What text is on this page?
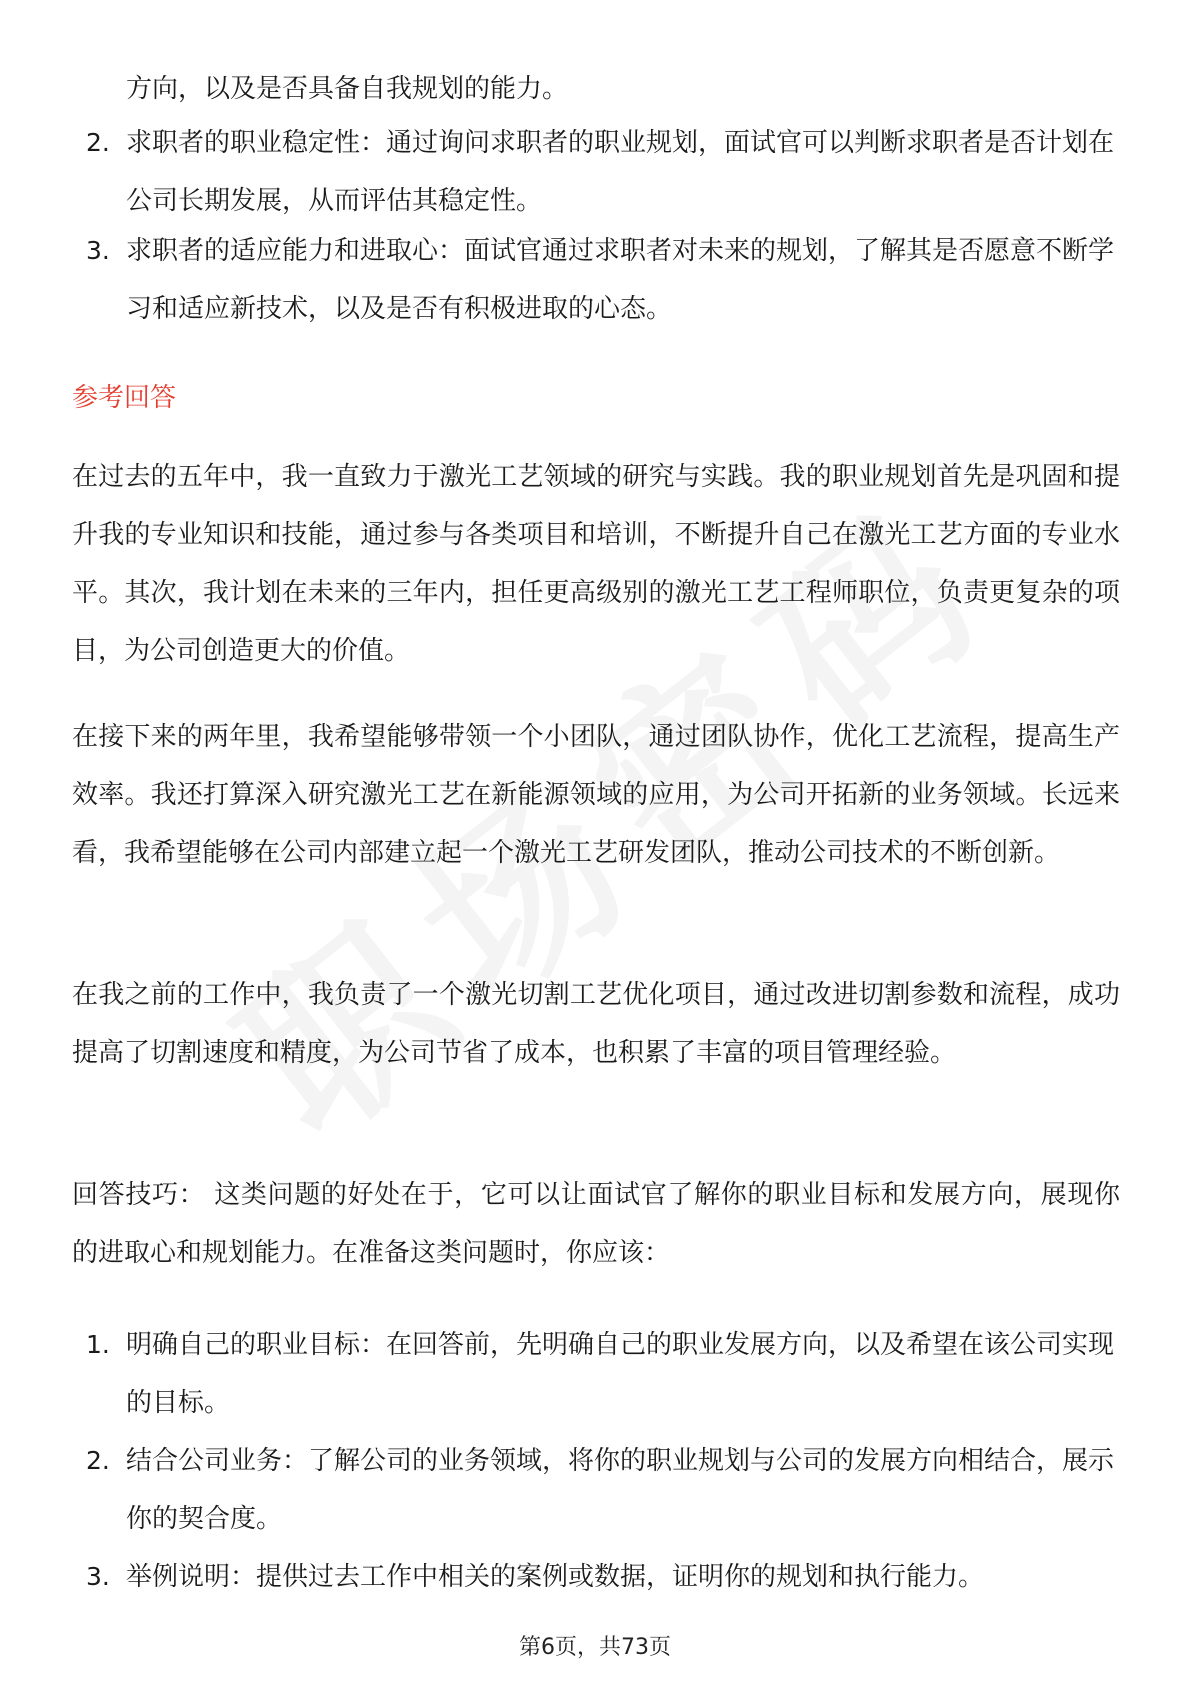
方向，以及是否具备自我规划的能力。
2. 求职者的职业稳定性：通过询问求职者的职业规划，面试官可以判断求职者是否计划在公司长期发展，从而评估其稳定性。
3. 求职者的适应能力和进取心：面试官通过求职者对未来的规划，了解其是否愿意不断学习和适应新技术，以及是否有积极进取的心态。
参考回答
在过去的五年中，我一直致力于激光工艺领域的研究与实践。我的职业规划首先是巩固和提升我的专业知识和技能，通过参与各类项目和培训，不断提升自己在激光工艺方面的专业水平。其次，我计划在未来的三年内，担任更高级别的激光工艺工程师职位，负责更复杂的项目，为公司创造更大的价值。
在接下来的两年里，我希望能够带领一个小团队，通过团队协作，优化工艺流程，提高生产效率。我还打算深入研究激光工艺在新能源领域的应用，为公司开拓新的业务领域。长远来看，我希望能够在公司内部建立起一个激光工艺研发团队，推动公司技术的不断创新。
在我之前的工作中，我负责了一个激光切割工艺优化项目，通过改进切割参数和流程，成功提高了切割速度和精度，为公司节省了成本，也积累了丰富的项目管理经验。
回答技巧： 这类问题的好处在于，它可以让面试官了解你的职业目标和发展方向，展现你的进取心和规划能力。在准备这类问题时，你应该：
1. 明确自己的职业目标：在回答前，先明确自己的职业发展方向，以及希望在该公司实现的目标。
2. 结合公司业务：了解公司的业务领域，将你的职业规划与公司的发展方向相结合，展示你的契合度。
3. 举例说明：提供过去工作中相关的案例或数据，证明你的规划和执行能力。
第6页，共73页
